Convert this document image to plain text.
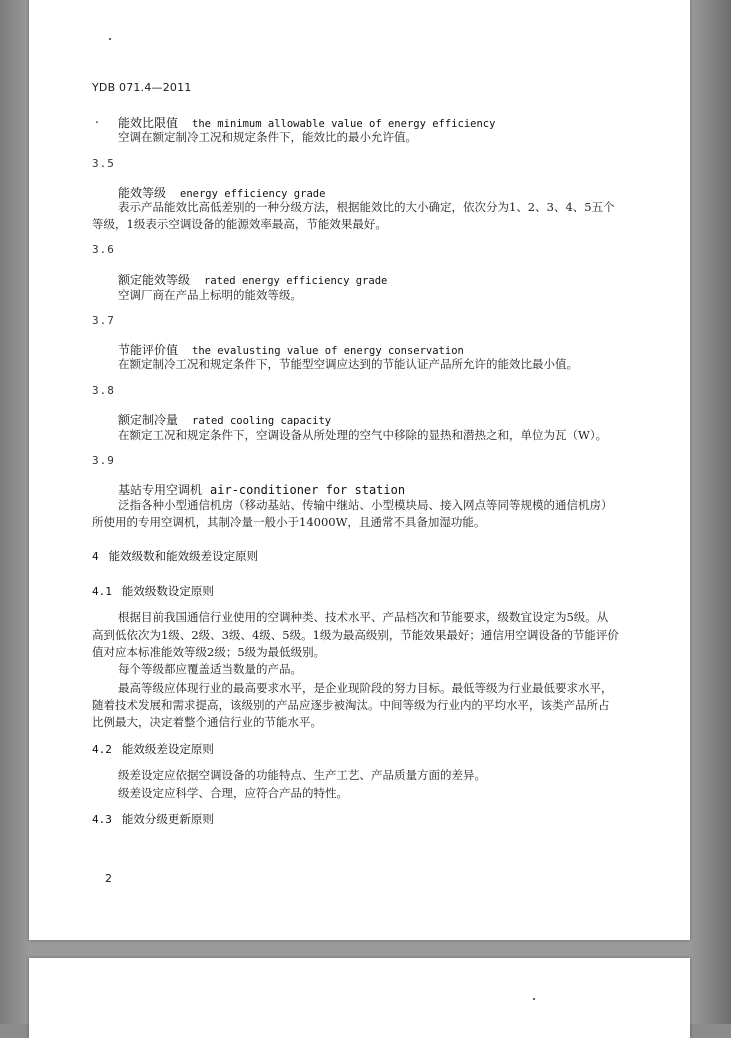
YDB 071.4—2011
. 能效比限值 the minimum allowable value of energy efficiency
空调在额定制冷工况和规定条件下，能效比的最小允许值。
3.5
能效等级 energy efficiency grade
表示产品能效比高低差别的一种分级方法，根据能效比的大小确定，依次分为1、2、3、4、5五个
等级，1级表示空调设备的能源效率最高，节能效果最好。
3.6
额定能效等级 rated energy efficiency grade
空调厂商在产品上标明的能效等级。
3.7
节能评价值 the evalusting value of energy conservation
在额定制冷工况和规定条件下，节能型空调应达到的节能认证产品所允许的能效比最小值。
3.8
额定制冷量 rated cooling capacity
在额定工况和规定条件下，空调设备从所处理的空气中移除的显热和潜热之和，单位为瓦（W）。
3.9
基站专用空调机 air-conditioner for station
泛指各种小型通信机房（移动基站、传输中继站、小型模块局、接入网点等同等规模的通信机房）
所使用的专用空调机，其制冷量一般小于14000W，且通常不具备加湿功能。
4 能效级数和能效级差设定原则
4.1 能效级数设定原则
根据目前我国通信行业使用的空调种类、技术水平、产品档次和节能要求，级数宜设定为5级。从
高到低依次为1级、2级、3级、4级、5级。1级为最高级别，节能效果最好；通信用空调设备的节能评价
值对应本标准能效等级2级；5级为最低级别。
每个等级都应覆盖适当数量的产品。
最高等级应体现行业的最高要求水平，是企业现阶段的努力目标。最低等级为行业最低要求水平，
随着技术发展和需求提高，该级别的产品应逐步被淘汰。中间等级为行业内的平均水平，该类产品所占
比例最大，决定着整个通信行业的节能水平。
4.2 能效级差设定原则
级差设定应依据空调设备的功能特点、生产工艺、产品质量方面的差异。
级差设定应科学、合理，应符合产品的特性。
4.3 能效分级更新原则
2
